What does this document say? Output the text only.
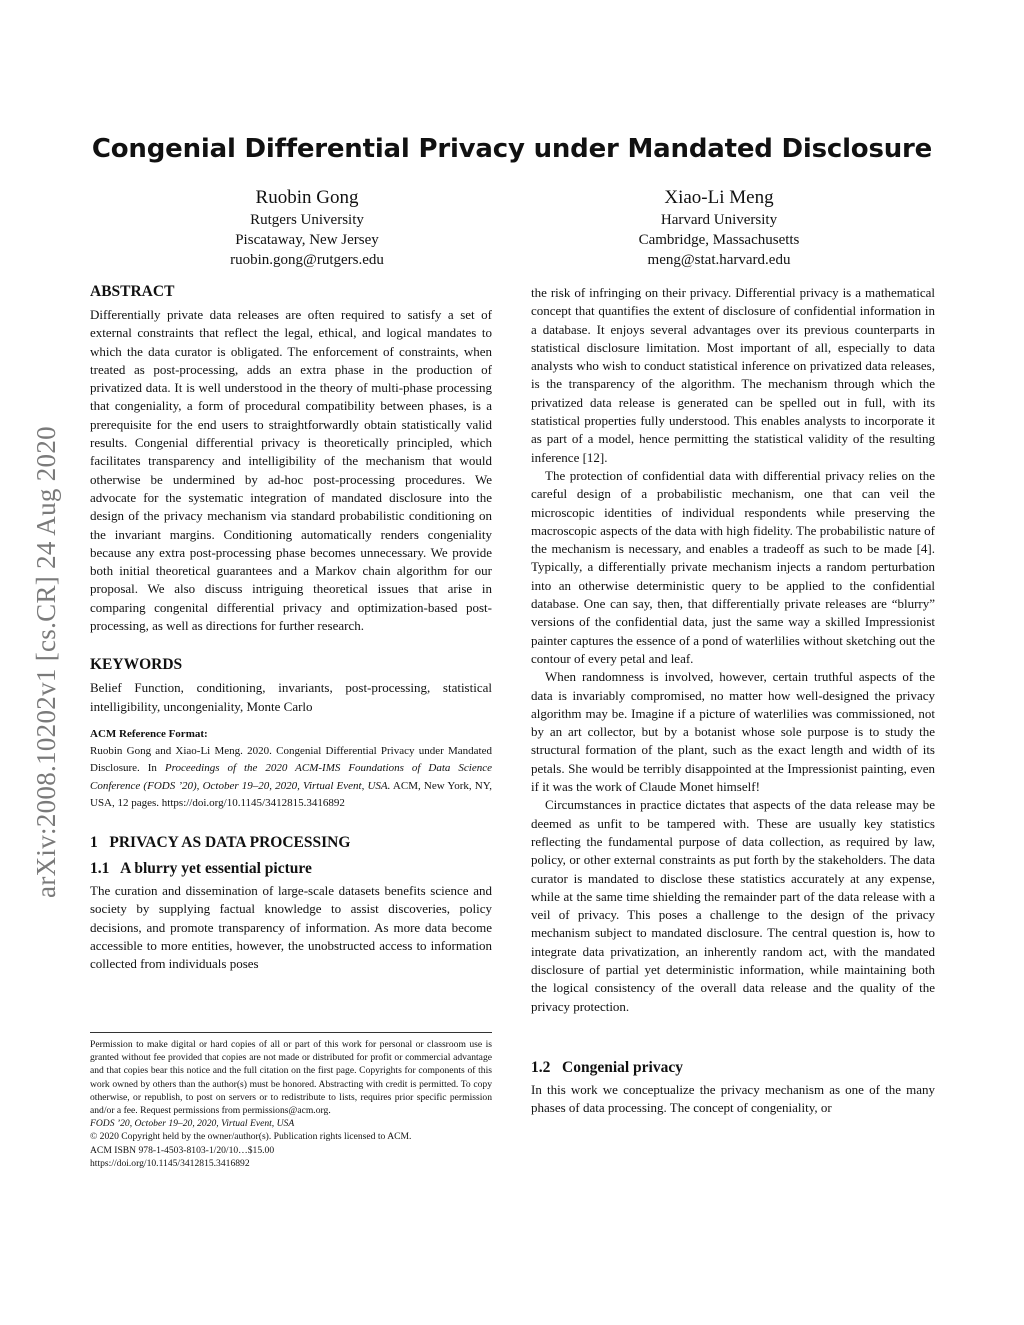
arXiv:2008.10202v1 [cs.CR] 24 Aug 2020
Congenial Differential Privacy under Mandated Disclosure
Ruobin Gong
Rutgers University
Piscataway, New Jersey
ruobin.gong@rutgers.edu
Xiao-Li Meng
Harvard University
Cambridge, Massachusetts
meng@stat.harvard.edu
ABSTRACT

Differentially private data releases are often required to satisfy a set of external constraints that reflect the legal, ethical, and logical mandates to which the data curator is obligated. The enforcement of constraints, when treated as post-processing, adds an extra phase in the production of privatized data. It is well understood in the theory of multi-phase processing that congeniality, a form of procedural compatibility between phases, is a prerequisite for the end users to straightforwardly obtain statistically valid results. Congenial differential privacy is theoretically principled, which facilitates transparency and intelligibility of the mechanism that would otherwise be undermined by ad-hoc post-processing procedures. We advocate for the systematic integration of mandated disclosure into the design of the privacy mechanism via standard probabilistic conditioning on the invariant margins. Conditioning automatically renders congeniality because any extra post-processing phase becomes unnecessary. We provide both initial theoretical guarantees and a Markov chain algorithm for our proposal. We also discuss intriguing theoretical issues that arise in comparing congenital differential privacy and optimization-based post-processing, as well as directions for further research.

KEYWORDS

Belief Function, conditioning, invariants, post-processing, statistical intelligibility, uncongeniality, Monte Carlo

ACM Reference Format:
Ruobin Gong and Xiao-Li Meng. 2020. Congenial Differential Privacy under Mandated Disclosure. In Proceedings of the 2020 ACM-IMS Foundations of Data Science Conference (FODS ’20), October 19–20, 2020, Virtual Event, USA. ACM, New York, NY, USA, 12 pages. https://doi.org/10.1145/3412815.3416892
1   PRIVACY AS DATA PROCESSING
1.1   A blurry yet essential picture

The curation and dissemination of large-scale datasets benefits science and society by supplying factual knowledge to assist discoveries, policy decisions, and promote transparency of information. As more data become accessible to more entities, however, the unobstructed access to information collected from individuals poses

Permission to make digital or hard copies of all or part of this work for personal or classroom use is granted without fee provided that copies are not made or distributed for profit or commercial advantage and that copies bear this notice and the full citation on the first page. Copyrights for components of this work owned by others than the author(s) must be honored. Abstracting with credit is permitted. To copy otherwise, or republish, to post on servers or to redistribute to lists, requires prior specific permission and/or a fee. Request permissions from permissions@acm.org.
FODS ’20, October 19–20, 2020, Virtual Event, USA
© 2020 Copyright held by the owner/author(s). Publication rights licensed to ACM.
ACM ISBN 978-1-4503-8103-1/20/10…$15.00
https://doi.org/10.1145/3412815.3416892

the risk of infringing on their privacy. Differential privacy is a mathematical concept that quantifies the extent of disclosure of confidential information in a database. It enjoys several advantages over its previous counterparts in statistical disclosure limitation. Most important of all, especially to data analysts who wish to conduct statistical inference on privatized data releases, is the transparency of the algorithm. The mechanism through which the privatized data release is generated can be spelled out in full, with its statistical properties fully understood. This enables analysts to incorporate it as part of a model, hence permitting the statistical validity of the resulting inference [12].

The protection of confidential data with differential privacy relies on the careful design of a probabilistic mechanism, one that can veil the microscopic identities of individual respondents while preserving the macroscopic aspects of the data with high fidelity. The probabilistic nature of the mechanism is necessary, and enables a tradeoff as such to be made [4]. Typically, a differentially private mechanism injects a random perturbation into an otherwise deterministic query to be applied to the confidential database. One can say, then, that differentially private releases are “blurry” versions of the confidential data, just the same way a skilled Impressionist painter captures the essence of a pond of waterlilies without sketching out the contour of every petal and leaf.

When randomness is involved, however, certain truthful aspects of the data is invariably compromised, no matter how well-designed the privacy algorithm may be. Imagine if a picture of waterlilies was commissioned, not by an art collector, but by a botanist whose sole purpose is to study the structural formation of the plant, such as the exact length and width of its petals. She would be terribly disappointed at the Impressionist painting, even if it was the work of Claude Monet himself!

Circumstances in practice dictates that aspects of the data release may be deemed as unfit to be tampered with. These are usually key statistics reflecting the fundamental purpose of data collection, as required by law, policy, or other external constraints as put forth by the stakeholders. The data curator is mandated to disclose these statistics accurately at any expense, while at the same time shielding the remainder part of the data release with a veil of privacy. This poses a challenge to the design of the privacy mechanism subject to mandated disclosure. The central question is, how to integrate data privatization, an inherently random act, with the mandated disclosure of partial yet deterministic information, while maintaining both the logical consistency of the overall data release and the quality of the privacy protection.

1.2   Congenial privacy

In this work we conceptualize the privacy mechanism as one of the many phases of data processing. The concept of congeniality, or
